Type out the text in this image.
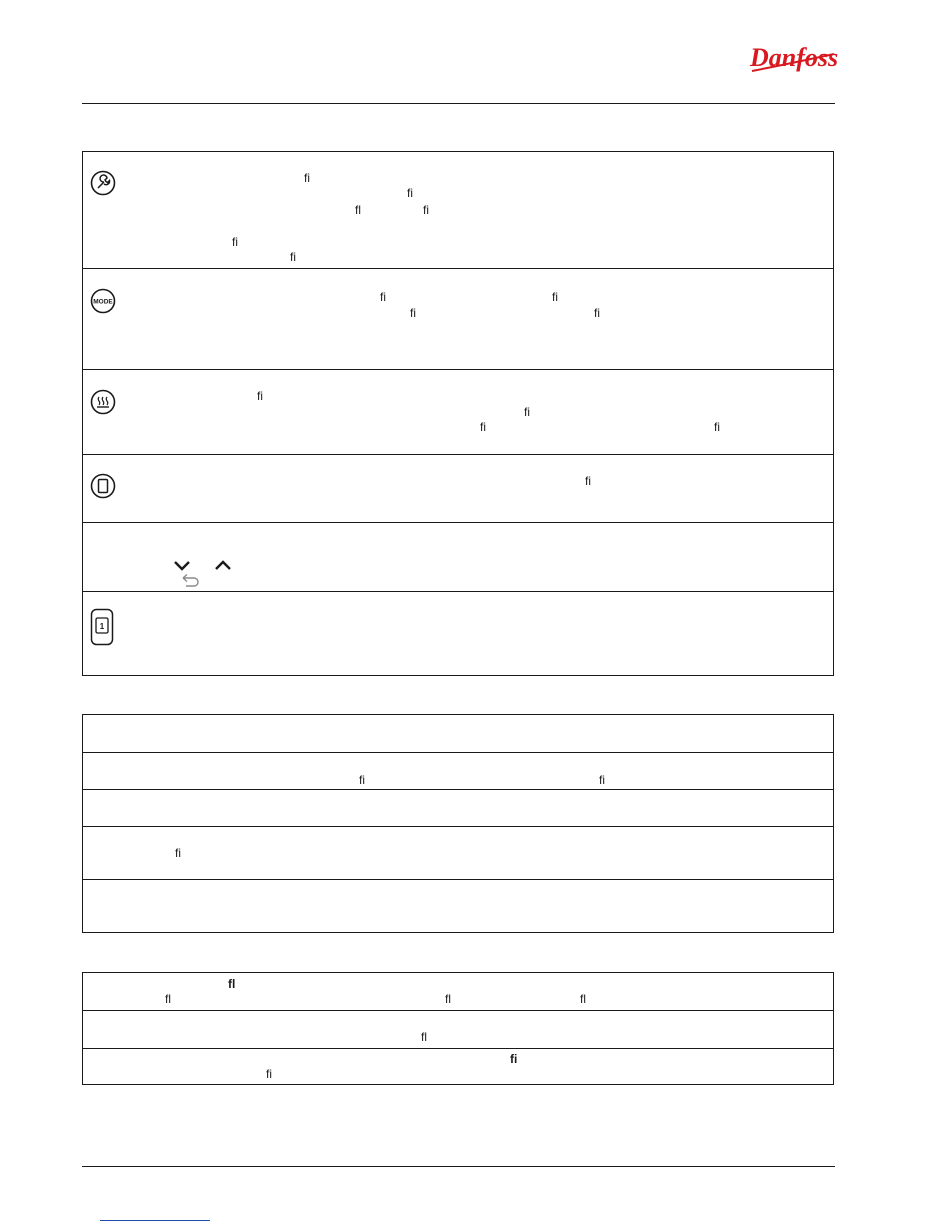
Danfoss
ﬁ
ﬁ
ﬂ	ﬁ
ﬁ
ﬁ
MODE	ﬁ	ﬁ
ﬁ	ﬁ
ﬁ
ﬁ
ﬁ	ﬁ
ﬁ
1
ﬁ	ﬁ
ﬁ
ﬂ
ﬂ	ﬂ	ﬂ
ﬂ
ﬁ
ﬁ
